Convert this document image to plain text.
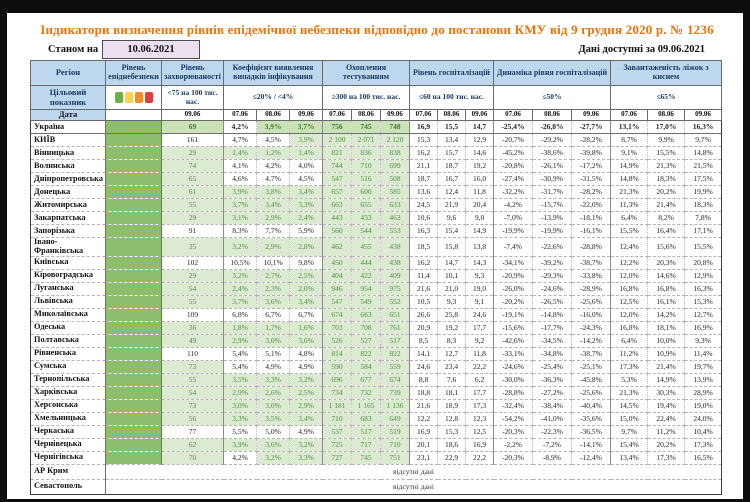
Індикатори визначення рівнів епідемічної небезпеки відповідно до постанови КМУ від 9 грудня 2020 р. № 1236
Станом на	10.06.2021	Дані доступні за 09.06.2021
Регіон	Рівень епіднебезпеки	Рівень захворюваності	Коефіцієнт виявлення випадків інфікування			Охоплення тестуванням			Рівень госпіталізацій			Динаміка рівня госпіталізацій			Завантаженість ліжок з киснем		
Цільовий показник		<75 на 100 тис. нас.	≤20% / <4%			≥300 на 100 тис. нас.			≤60 на 100 тис. нас.			≤50%			≤65%		
Дата		09.06	07.06	08.06	09.06	07.06	08.06	09.06	07.06	08.06	09.06	07.06	08.06	09.06	07.06	08.06	09.06
Україна		69	4,2%	3,9%	3,7%	756	745	748	16,9	15,5	14,7	-25,4%	-26,8%	-27,7%	13,1%	17,0%	16,3%
КИЇВ		161	4,7%	4,5%	3,9%	2 100	2 071	2 120	15,3	13,4	12,9	-20,7%	-29,2%	-28,2%	8,7%	9,9%	9,7%
Вінницька		29	1,4%	1,2%	1,4%	821	836	838	16,2	15,7	14,6	-45,2%	-38,6%	-39,8%	9,1%	15,5%	14,8%
Волинська		74	4,1%	4,2%	4,0%	744	710	699	21,1	18,7	19,2	-20,8%	-26,1%	-17,2%	14,9%	21,3%	21,5%
Дніпропетровська		65	4,6%	4,7%	4,5%	547	516	508	18,7	16,7	16,0	-27,4%	-30,9%	-31,5%	14,8%	18,3%	17,5%
Донецька		61	3,9%	3,8%	3,4%	657	600	585	13,6	12,4	11,8	-32,2%	-31,7%	-28,2%	21,3%	20,2%	19,9%
Житомирська		55	3,7%	3,4%	3,3%	663	655	633	24,5	21,9	20,4	-4,2%	-15,7%	-22,0%	11,3%	21,4%	18,3%
Закарпатська		29	3,1%	2,9%	2,4%	443	433	463	10,6	9,6	9,0	-7,0%	-13,9%	-18,1%	6,4%	8,2%	7,8%
Запорізька		91	8,3%	7,7%	5,9%	560	544	553	16,3	15,4	14,9	-19,9%	-19,9%	-16,1%	15,5%	16,4%	17,1%
Івано-Франківська		35	3,2%	2,9%	2,8%	462	455	438	18,5	15,8	13,8	-7,4%	-22,6%	-28,8%	12,4%	15,6%	15,5%
Київська		102	10,5%	10,1%	9,8%	450	444	438	16,2	14,7	14,3	-34,1%	-39,2%	-38,7%	12,2%	20,3%	20,8%
Кіровоградська		29	3,2%	2,7%	2,5%	404	422	409	11,4	10,1	9,3	-20,9%	-29,3%	-33,8%	12,0%	14,6%	12,9%
Луганська		54	2,4%	2,3%	2,0%	946	954	975	21,6	21,0	19,0	-26,0%	-24,6%	-28,9%	16,8%	16,8%	16,3%
Львівська		55	3,7%	3,6%	3,4%	547	549	552	10,5	9,3	9,1	-20,2%	-26,5%	-25,6%	12,5%	16,1%	15,3%
Миколаївська		109	6,8%	6,7%	6,7%	674	663	651	26,6	25,8	24,6	-19,1%	-14,8%	-16,0%	12,0%	14,2%	12,7%
Одеська		36	1,8%	1,7%	1,6%	703	708	761	20,9	19,2	17,7	-15,6%	-17,7%	-24,3%	16,8%	18,1%	16,9%
Полтавська		49	2,9%	3,0%	3,6%	526	527	517	8,5	8,3	9,2	-42,6%	-34,5%	-14,2%	6,4%	10,0%	9,3%
Рівненська		110	5,4%	5,1%	4,8%	814	822	822	14,1	12,7	11,8	-33,1%	-34,8%	-38,7%	11,2%	10,9%	11,4%
Сумська		73	5,4%	4,9%	4,9%	590	584	559	24,6	23,4	22,2	-24,6%	-25,4%	-25,1%	17,3%	21,4%	19,7%
Тернопільська		55	3,5%	3,3%	3,2%	696	677	674	8,8	7,6	6,2	-30,0%	-36,3%	-45,8%	5,3%	14,9%	13,9%
Харківська		54	2,9%	2,6%	2,5%	734	732	739	18,8	18,1	17,7	-28,8%	-27,2%	-25,6%	21,3%	30,3%	28,9%
Херсонська		73	3,0%	3,0%	2,9%	1 181	1 165	1 136	21,6	18,9	17,3	-32,4%	-38,4%	-40,4%	14,5%	19,4%	19,0%
Хмельницька		56	3,3%	3,5%	3,4%	710	683	649	12,2	12,8	12,3	-54,2%	-41,0%	-35,6%	15,0%	22,4%	24,0%
Черкаська		77	5,5%	5,0%	4,9%	537	517	519	16,9	15,3	12,5	-20,3%	-22,3%	-36,5%	9,7%	11,2%	10,4%
Чернівецька		62	3,9%	3,6%	3,2%	725	717	710	20,1	18,6	16,9	-2,2%	-7,2%	-14,1%	15,4%	20,2%	17,3%
Чернігівська		70	4,2%	3,2%	3,3%	727	745	751	23,1	22,9	22,2	-20,3%	-8,9%	-12,4%	13,4%	17,3%	16,5%
АР Крим	відсутні дані																
Севастополь	відсутні дані																
